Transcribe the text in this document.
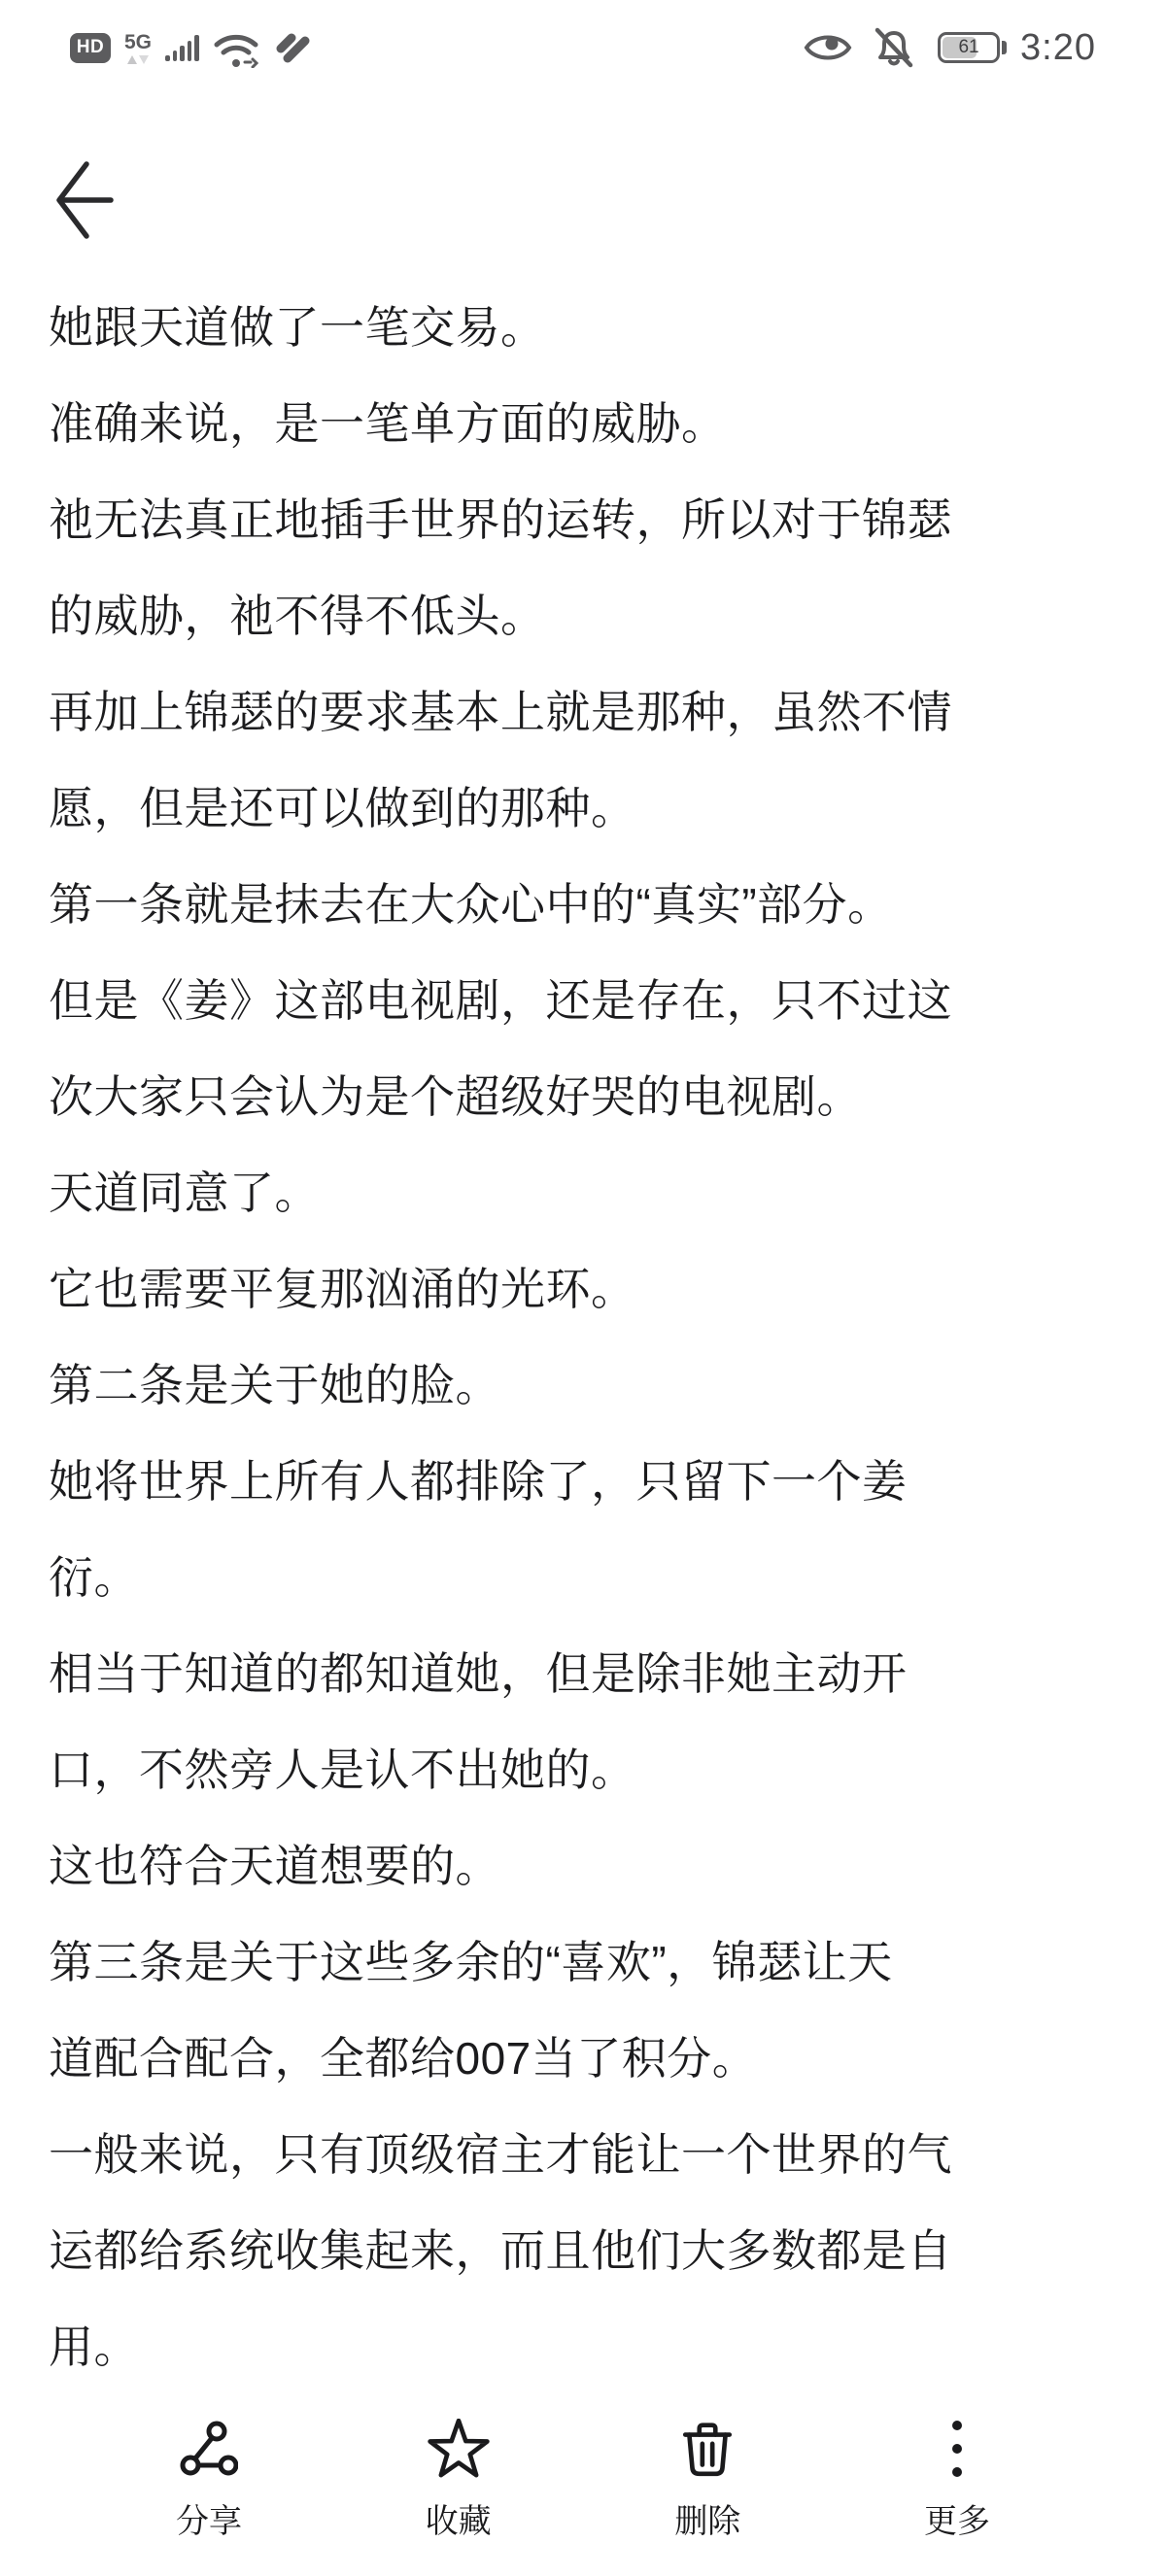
HD 5G	61 3:20
她跟天道做了一笔交易。
准确来说，是一笔单方面的威胁。
祂无法真正地插手世界的运转，所以对于锦瑟
的威胁，祂不得不低头。
再加上锦瑟的要求基本上就是那种，虽然不情
愿，但是还可以做到的那种。
第一条就是抹去在大众心中的“真实”部分。
但是《姜》这部电视剧，还是存在，只不过这
次大家只会认为是个超级好哭的电视剧。
天道同意了。
它也需要平复那汹涌的光环。
第二条是关于她的脸。
她将世界上所有人都排除了，只留下一个姜
衍。
相当于知道的都知道她，但是除非她主动开
口，不然旁人是认不出她的。
这也符合天道想要的。
第三条是关于这些多余的“喜欢”，锦瑟让天
道配合配合，全都给007当了积分。
一般来说，只有顶级宿主才能让一个世界的气
运都给系统收集起来，而且他们大多数都是自
用。
分享	收藏	删除	更多
